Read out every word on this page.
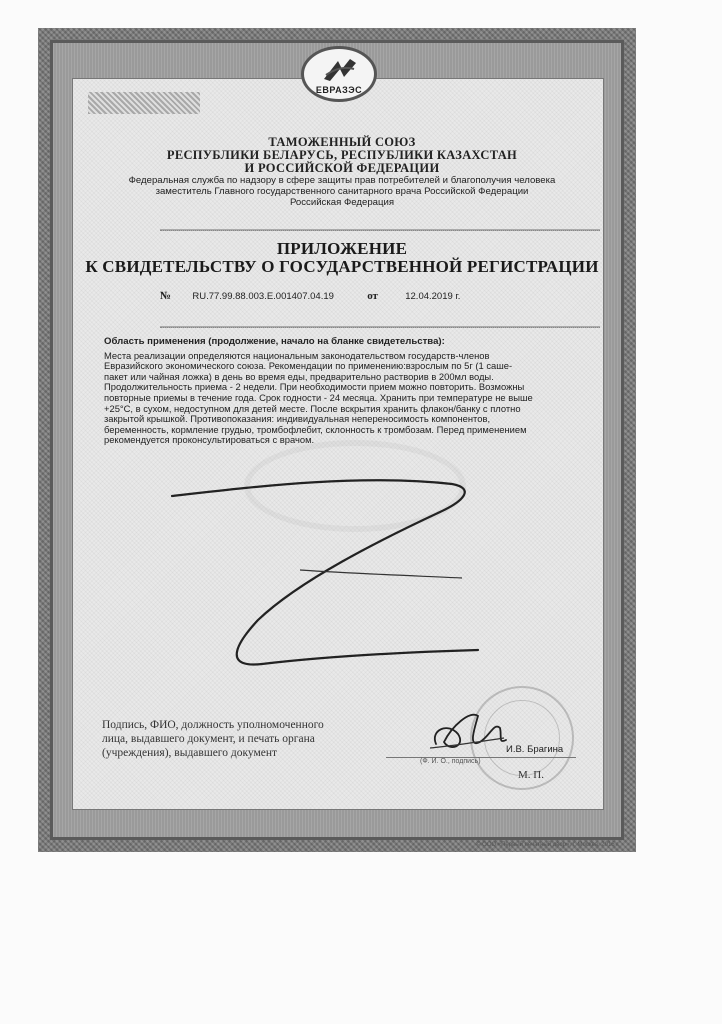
ЕВРАЗЭС
ТАМОЖЕННЫЙ СОЮЗ
РЕСПУБЛИКИ БЕЛАРУСЬ, РЕСПУБЛИКИ КАЗАХСТАН
И РОССИЙСКОЙ ФЕДЕРАЦИИ
Федеральная служба по надзору в сфере защиты прав потребителей и благополучия человека
заместитель Главного государственного санитарного врача Российской Федерации
Российская Федерация
ПРИЛОЖЕНИЕ
К СВИДЕТЕЛЬСТВУ О ГОСУДАРСТВЕННОЙ РЕГИСТРАЦИИ
№ RU.77.99.88.003.E.001407.04.19	от	12.04.2019 г.
Область применения (продолжение, начало на бланке свидетельства):
Места реализации определяются национальным законодательством государств-членов
Евразийского экономического союза. Рекомендации по применению:взрослым по 5г (1 саше-
пакет или чайная ложка) в день во время еды, предварительно растворив в 200мл воды.
Продолжительность приема - 2 недели. При необходимости прием можно повторить. Возможны
повторные приемы в течение года. Срок годности - 24 месяца. Хранить при температуре не выше
+25°С, в сухом, недоступном для детей месте. После вскрытия хранить флакон/банку с плотно
закрытой крышкой. Противопоказания: индивидуальная непереносимость компонентов,
беременность, кормление грудью, тромбофлебит, склонность к тромбозам. Перед применением
рекомендуется проконсультироваться с врачом.
Подпись, ФИО, должность уполномоченного
лица, выдавшего документ, и печать органа
(учреждения), выдавшего документ	И.В. Брагина
(Ф. И. О., подпись)
М. П.
© ООО «Первый печатный двор», г. Москва, 2016 г.
